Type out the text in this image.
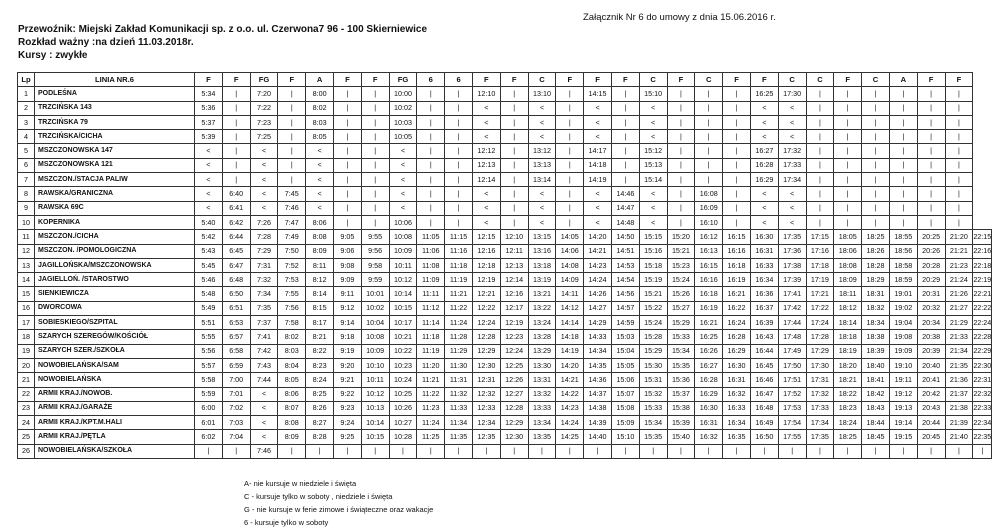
Załącznik Nr 6 do umowy z dnia 15.06.2016 r.
Przewoźnik: Miejski Zakład Komunikacji sp. z o.o. ul. Czerwona7 96 - 100 Skierniewice
Rozkład ważny :na dzień 11.03.2018r.
Kursy : zwykłe
Lp	LINIA NR.6	F	F	FG	F	A	F	F	FG	6	6	F	F	C	F	F	F	C	F	C	F	F	C	C	F	C	A	F	F	
1	PODLEŚNA	5:34	|	7:20	|	8:00	|	|	10:00	|	|	12:10	|	13:10	|	14:15	|	15:10	|	|	|	16:25	17:30	|	|	|	|	|	|	
2	TRZCIŃSKA 143	5:36	|	7:22	|	8:02	|	|	10:02	|	|	<	|	<	|	<	|	<	|	|	|	<	<	|	|	|	|	|	|	
3	TRZCIŃSKA 79	5:37	|	7:23	|	8:03	|	|	10:03	|	|	<	|	<	|	<	|	<	|	|	|	<	<	|	|	|	|	|	|	
4	TRZCIŃSKA/CICHA	5:39	|	7:25	|	8:05	|	|	10:05	|	|	<	|	<	|	<	|	<	|	|	|	<	<	|	|	|	|	|	|	
5	MSZCZONOWSKA 147	<	|	<	|	<	|	|	<	|	|	12:12	|	13:12	|	14:17	|	15:12	|	|	|	16:27	17:32	|	|	|	|	|	|	
6	MSZCZONOWSKA 121	<	|	<	|	<	|	|	<	|	|	12:13	|	13:13	|	14:18	|	15:13	|	|	|	16:28	17:33	|	|	|	|	|	|	
7	MSZCZON./STACJA PALIW	<	|	<	|	<	|	|	<	|	|	12:14	|	13:14	|	14:19	|	15:14	|	|	|	16:29	17:34	|	|	|	|	|	|	
8	RAWSKA/GRANICZNA	<	6:40	<	7:45	<	|	|	<	|	|	<	|	<	|	<	14:46	<	|	16:08	|	<	<	|	|	|	|	|	|	
9	RAWSKA 69C	<	6:41	<	7:46	<	|	|	<	|	|	<	|	<	|	<	14:47	<	|	16:09	|	<	<	|	|	|	|	|	|	
10	KOPERNIKA	5:40	6:42	7:26	7:47	8:06	|	|	10:06	|	|	<	|	<	|	<	14:48	<	|	16:10	|	<	<	|	|	|	|	|	|	
11	MSZCZON./CICHA	5:42	6:44	7:28	7:49	8:08	9:05	9:55	10:08	11:05	11:15	12:15	12:10	13:15	14:05	14:20	14:50	15:15	15:20	16:12	16:15	16:30	17:35	17:15	18:05	18:25	18:55	20:25	21:20	22:15
12	MSZCZON. /POMOLOGICZNA	5:43	6:45	7:29	7:50	8:09	9:06	9:56	10:09	11:06	11:16	12:16	12:11	13:16	14:06	14:21	14:51	15:16	15:21	16:13	16:16	16:31	17:36	17:16	18:06	18:26	18:56	20:26	21:21	22:16
13	JAGILLOŃSKA/MSZCZONOWSKA	5:45	6:47	7:31	7:52	8:11	9:08	9:58	10:11	11:08	11:18	12:18	12:13	13:18	14:08	14:23	14:53	15:18	15:23	16:15	16:18	16:33	17:38	17:18	18:08	18:28	18:58	20:28	21:23	22:18
14	JAGIELLOŃ. /STAROSTWO	5:46	6:48	7:32	7:53	8:12	9:09	9:59	10:12	11:09	11:19	12:19	12:14	13:19	14:09	14:24	14:54	15:19	15:24	16:16	16:19	16:34	17:39	17:19	18:09	18:29	18:59	20:29	21:24	22:19
15	SIENKIEWICZA	5:48	6:50	7:34	7:55	8:14	9:11	10:01	10:14	11:11	11:21	12:21	12:16	13:21	14:11	14:26	14:56	15:21	15:26	16:18	16:21	16:36	17:41	17:21	18:11	18:31	19:01	20:31	21:26	22:21
16	DWORCOWA	5:49	6:51	7:35	7:56	8:15	9:12	10:02	10:15	11:12	11:22	12:22	12:17	13:22	14:12	14:27	14:57	15:22	15:27	16:19	16:22	16:37	17:42	17:22	18:12	18:32	19:02	20:32	21:27	22:22
17	SOBIESKIEGO/SZPITAL	5:51	6:53	7:37	7:58	8:17	9:14	10:04	10:17	11:14	11:24	12:24	12:19	13:24	14:14	14:29	14:59	15:24	15:29	16:21	16:24	16:39	17:44	17:24	18:14	18:34	19:04	20:34	21:29	22:24
18	SZARYCH SZEREGÓW/KOŚCIÓŁ	5:55	6:57	7:41	8:02	8:21	9:18	10:08	10:21	11:18	11:28	12:28	12:23	13:28	14:18	14:33	15:03	15:28	15:33	16:25	16:28	16:43	17:48	17:28	18:18	18:38	19:08	20:38	21:33	22:28
19	SZARYCH SZER./SZKOŁA	5:56	6:58	7:42	8:03	8:22	9:19	10:09	10:22	11:19	11:29	12:29	12:24	13:29	14:19	14:34	15:04	15:29	15:34	16:26	16:29	16:44	17:49	17:29	18:19	18:39	19:09	20:39	21:34	22:29
20	NOWOBIELAŃSKA/SAM	5:57	6:59	7:43	8:04	8:23	9:20	10:10	10:23	11:20	11:30	12:30	12:25	13:30	14:20	14:35	15:05	15:30	15:35	16:27	16:30	16:45	17:50	17:30	18:20	18:40	19:10	20:40	21:35	22:30
21	NOWOBIELAŃSKA	5:58	7:00	7:44	8:05	8:24	9:21	10:11	10:24	11:21	11:31	12:31	12:26	13:31	14:21	14:36	15:06	15:31	15:36	16:28	16:31	16:46	17:51	17:31	18:21	18:41	19:11	20:41	21:36	22:31
22	ARMII KRAJ./NOWOB.	5:59	7:01	<	8:06	8:25	9:22	10:12	10:25	11:22	11:32	12:32	12:27	13:32	14:22	14:37	15:07	15:32	15:37	16:29	16:32	16:47	17:52	17:32	18:22	18:42	19:12	20:42	21:37	22:32
23	ARMII KRAJ./GARAŻE	6:00	7:02	<	8:07	8:26	9:23	10:13	10:26	11:23	11:33	12:33	12:28	13:33	14:23	14:38	15:08	15:33	15:38	16:30	16:33	16:48	17:53	17:33	18:23	18:43	19:13	20:43	21:38	22:33
24	ARMII KRAJ./KPT.M.HALI	6:01	7:03	<	8:08	8:27	9:24	10:14	10:27	11:24	11:34	12:34	12:29	13:34	14:24	14:39	15:09	15:34	15:39	16:31	16:34	16:49	17:54	17:34	18:24	18:44	19:14	20:44	21:39	22:34
25	ARMII KRAJ./PĘTLA	6:02	7:04	<	8:09	8:28	9:25	10:15	10:28	11:25	11:35	12:35	12:30	13:35	14:25	14:40	15:10	15:35	15:40	16:32	16:35	16:50	17:55	17:35	18:25	18:45	19:15	20:45	21:40	22:35
26	NOWOBIELAŃSKA/SZKOŁA	|	|	7:46	|	|	|	|	|	|	|	|	|	|	|	|	|	|	|	|	|	|	|	|	|	|	|	|	|	|
A- nie kursuje w niedziele i święta
C - kursuje tylko w soboty , niedziele i święta
G - nie kursuje w ferie zimowe i świąteczne oraz wakacje
6 - kursuje tylko w soboty
